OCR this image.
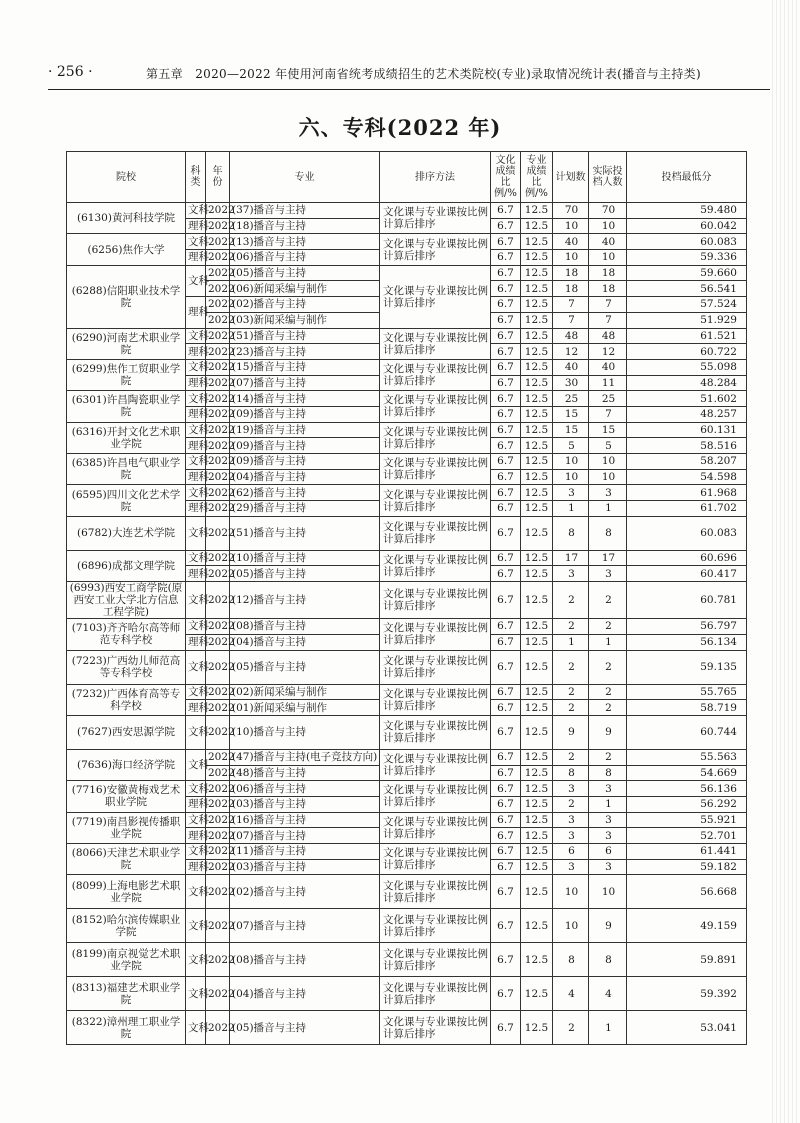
· 256 ·	第五章　2020—2022 年使用河南省统考成绩招生的艺术类院校(专业)录取情况统计表(播音与主持类)
六、专科(2022 年)
院校	科类	年份	专业	排序方法	文化成绩比例/%	专业成绩比例/%	计划数	实际投档人数	投档最低分
(6130)黄河科技学院	文科	2022	(37)播音与主持	文化课与专业课按比例计算后排序	6.7	12.5	70	70	59.480
	理科	2022	(18)播音与主持		6.7	12.5	10	10	60.042
(6256)焦作大学	文科	2022	(13)播音与主持	文化课与专业课按比例计算后排序	6.7	12.5	40	40	60.083
	理科	2022	(06)播音与主持		6.7	12.5	10	10	59.336
(6288)信阳职业技术学院	文科	2022	(05)播音与主持	文化课与专业课按比例计算后排序	6.7	12.5	18	18	59.660
		2022	(06)新闻采编与制作		6.7	12.5	18	18	56.541
	理科	2022	(02)播音与主持		6.7	12.5	7	7	57.524
		2022	(03)新闻采编与制作		6.7	12.5	7	7	51.929
(6290)河南艺术职业学院	文科	2022	(51)播音与主持	文化课与专业课按比例计算后排序	6.7	12.5	48	48	61.521
	理科	2022	(23)播音与主持		6.7	12.5	12	12	60.722
(6299)焦作工贸职业学院	文科	2022	(15)播音与主持	文化课与专业课按比例计算后排序	6.7	12.5	40	40	55.098
	理科	2022	(07)播音与主持		6.7	12.5	30	11	48.284
(6301)许昌陶瓷职业学院	文科	2022	(14)播音与主持	文化课与专业课按比例计算后排序	6.7	12.5	25	25	51.602
	理科	2022	(09)播音与主持		6.7	12.5	15	7	48.257
(6316)开封文化艺术职业学院	文科	2022	(19)播音与主持	文化课与专业课按比例计算后排序	6.7	12.5	15	15	60.131
	理科	2022	(09)播音与主持		6.7	12.5	5	5	58.516
(6385)许昌电气职业学院	文科	2022	(09)播音与主持	文化课与专业课按比例计算后排序	6.7	12.5	10	10	58.207
	理科	2022	(04)播音与主持		6.7	12.5	10	10	54.598
(6595)四川文化艺术学院	文科	2022	(62)播音与主持	文化课与专业课按比例计算后排序	6.7	12.5	3	3	61.968
	理科	2022	(29)播音与主持		6.7	12.5	1	1	61.702
(6782)大连艺术学院	文科	2022	(51)播音与主持	文化课与专业课按比例计算后排序	6.7	12.5	8	8	60.083
(6896)成都文理学院	文科	2022	(10)播音与主持	文化课与专业课按比例计算后排序	6.7	12.5	17	17	60.696
	理科	2022	(05)播音与主持		6.7	12.5	3	3	60.417
(6993)西安工商学院(原西安工业大学北方信息工程学院)	文科	2022	(12)播音与主持	文化课与专业课按比例计算后排序	6.7	12.5	2	2	60.781
(7103)齐齐哈尔高等师范专科学校	文科	2022	(08)播音与主持	文化课与专业课按比例计算后排序	6.7	12.5	2	2	56.797
	理科	2022	(04)播音与主持		6.7	12.5	1	1	56.134
(7223)广西幼儿师范高等专科学校	文科	2022	(05)播音与主持	文化课与专业课按比例计算后排序	6.7	12.5	2	2	59.135
(7232)广西体育高等专科学校	文科	2022	(02)新闻采编与制作	文化课与专业课按比例计算后排序	6.7	12.5	2	2	55.765
	理科	2022	(01)新闻采编与制作		6.7	12.5	2	2	58.719
(7627)西安思源学院	文科	2022	(10)播音与主持	文化课与专业课按比例计算后排序	6.7	12.5	9	9	60.744
(7636)海口经济学院	文科	2022	(47)播音与主持(电子竞技方向)	文化课与专业课按比例计算后排序	6.7	12.5	2	2	55.563
		2022	(48)播音与主持		6.7	12.5	8	8	54.669
(7716)安徽黄梅戏艺术职业学院	文科	2022	(06)播音与主持	文化课与专业课按比例计算后排序	6.7	12.5	3	3	56.136
	理科	2022	(03)播音与主持		6.7	12.5	2	1	56.292
(7719)南昌影视传播职业学院	文科	2022	(16)播音与主持	文化课与专业课按比例计算后排序	6.7	12.5	3	3	55.921
	理科	2022	(07)播音与主持		6.7	12.5	3	3	52.701
(8066)天津艺术职业学院	文科	2022	(11)播音与主持	文化课与专业课按比例计算后排序	6.7	12.5	6	6	61.441
	理科	2022	(03)播音与主持		6.7	12.5	3	3	59.182
(8099)上海电影艺术职业学院	文科	2022	(02)播音与主持	文化课与专业课按比例计算后排序	6.7	12.5	10	10	56.668
(8152)哈尔滨传媒职业学院	文科	2022	(07)播音与主持	文化课与专业课按比例计算后排序	6.7	12.5	10	9	49.159
(8199)南京视觉艺术职业学院	文科	2022	(08)播音与主持	文化课与专业课按比例计算后排序	6.7	12.5	8	8	59.891
(8313)福建艺术职业学院	文科	2022	(04)播音与主持	文化课与专业课按比例计算后排序	6.7	12.5	4	4	59.392
(8322)漳州理工职业学院	文科	2022	(05)播音与主持	文化课与专业课按比例计算后排序	6.7	12.5	2	1	53.041
